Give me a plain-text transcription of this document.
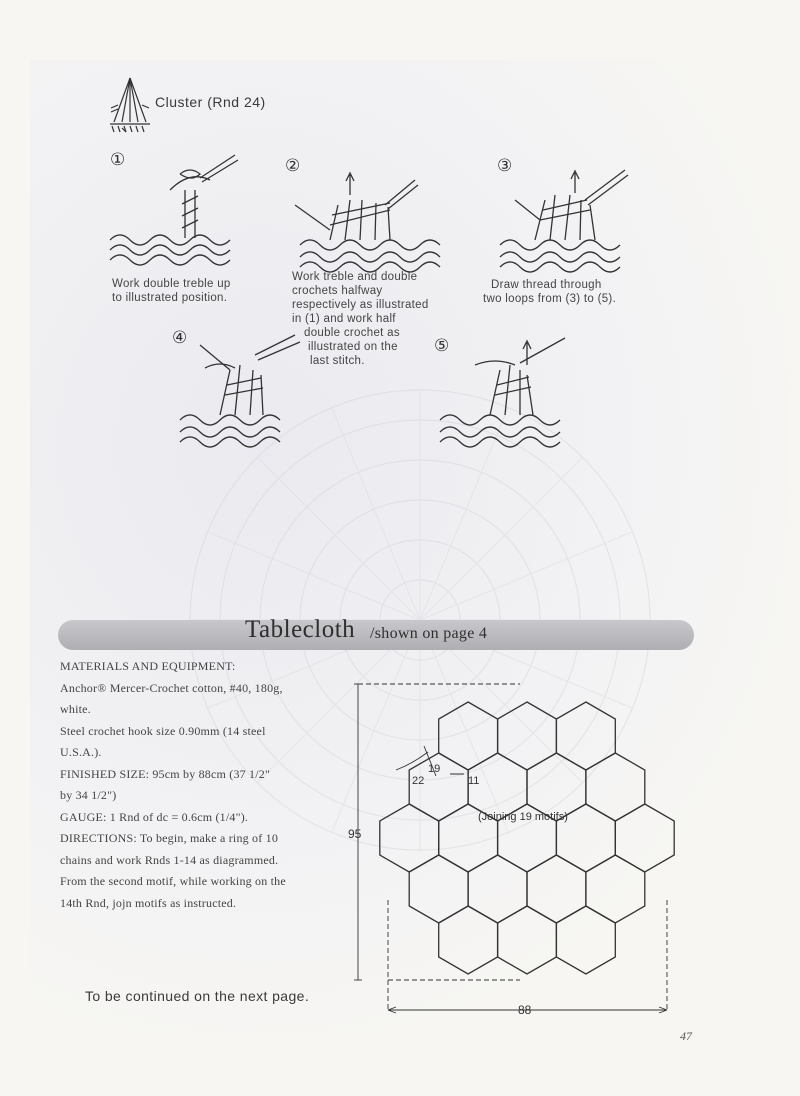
Cluster (Rnd 24)
①	②	③
④	⑤
Work double treble up
to illustrated position.
Work treble and double
crochets halfway
respectively as illustrated
in (1) and work half
double crochet as
illustrated on the
last stitch.
Draw thread through
two loops from (3) to (5).
Tablecloth /shown on page 4

MATERIALS AND EQUIPMENT:

Anchor® Mercer-Crochet cotton, #40, 180g,

white.

Steel crochet hook size 0.90mm (14 steel

U.S.A.).

FINISHED SIZE: 95cm by 88cm (37 1/2"

by 34 1/2")

GAUGE: 1 Rnd of dc = 0.6cm (1/4").

DIRECTIONS: To begin, make a ring of 10

chains and work Rnds 1-14 as diagrammed.

From the second motif, while working on the

14th Rnd, jojn motifs as instructed.

To be continued on the next page.
95
88
19
22	11
(Joining 19 motifs)
47
